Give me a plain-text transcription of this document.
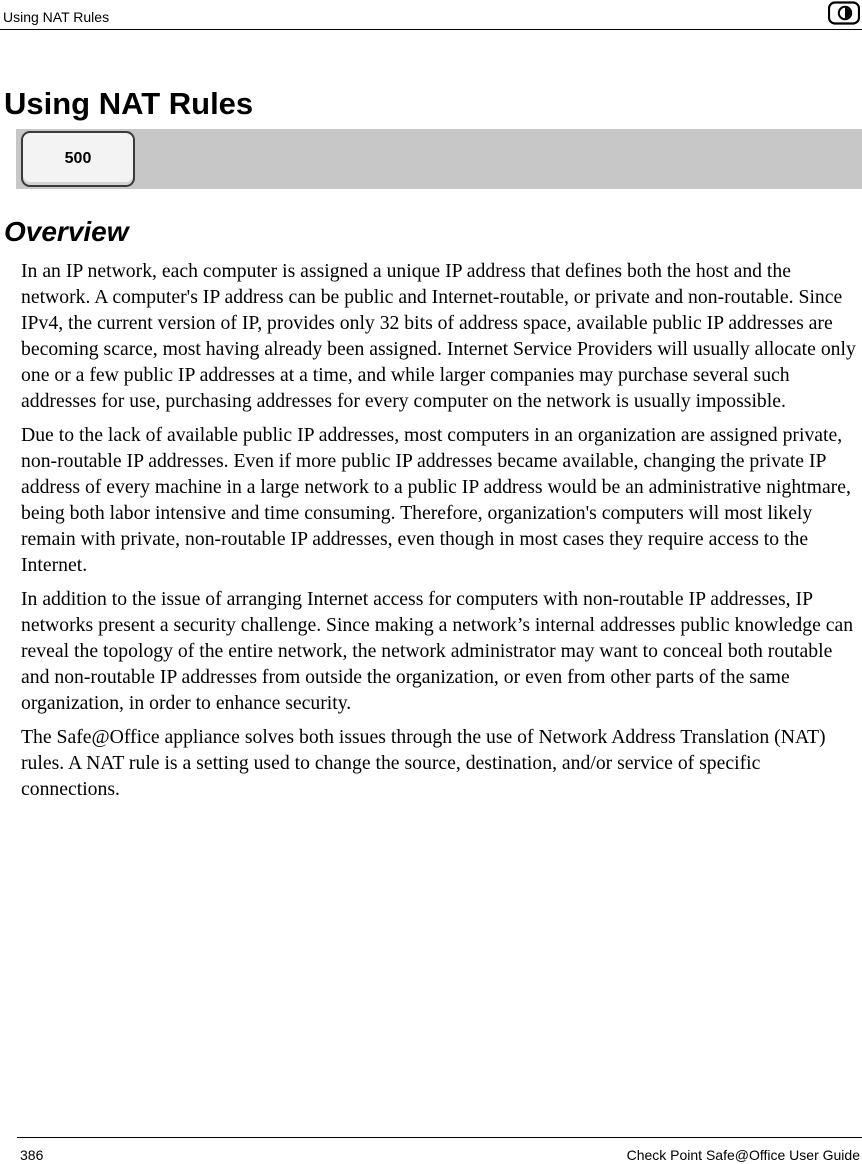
Using NAT Rules
Using NAT Rules
500
Overview

In an IP network, each computer is assigned a unique IP address that defines both the host and the network. A computer's IP address can be public and Internet-routable, or private and non-routable. Since IPv4, the current version of IP, provides only 32 bits of address space, available public IP addresses are becoming scarce, most having already been assigned. Internet Service Providers will usually allocate only one or a few public IP addresses at a time, and while larger companies may purchase several such addresses for use, purchasing addresses for every computer on the network is usually impossible.

Due to the lack of available public IP addresses, most computers in an organization are assigned private, non-routable IP addresses. Even if more public IP addresses became available, changing the private IP address of every machine in a large network to a public IP address would be an administrative nightmare, being both labor intensive and time consuming. Therefore, organization's computers will most likely remain with private, non-routable IP addresses, even though in most cases they require access to the Internet.

In addition to the issue of arranging Internet access for computers with non-routable IP addresses, IP networks present a security challenge. Since making a network’s internal addresses public knowledge can reveal the topology of the entire network, the network administrator may want to conceal both routable and non-routable IP addresses from outside the organization, or even from other parts of the same organization, in order to enhance security.

The Safe@Office appliance solves both issues through the use of Network Address Translation (NAT) rules. A NAT rule is a setting used to change the source, destination, and/or service of specific connections.

386	Check Point Safe@Office User Guide
